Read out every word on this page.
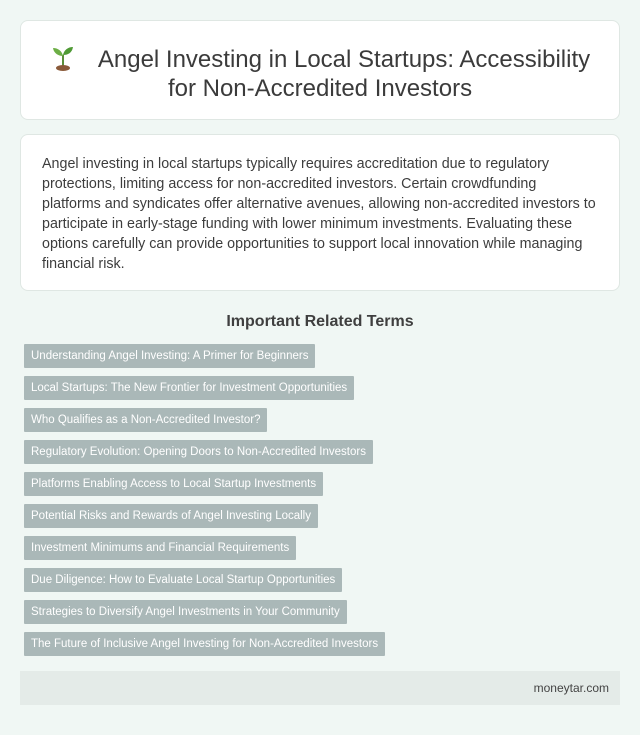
Angel Investing in Local Startups: Accessibility for Non-Accredited Investors

Angel investing in local startups typically requires accreditation due to regulatory protections, limiting access for non-accredited investors. Certain crowdfunding platforms and syndicates offer alternative avenues, allowing non-accredited investors to participate in early-stage funding with lower minimum investments. Evaluating these options carefully can provide opportunities to support local innovation while managing financial risk.

Important Related Terms
Understanding Angel Investing: A Primer for Beginners
Local Startups: The New Frontier for Investment Opportunities
Who Qualifies as a Non-Accredited Investor?
Regulatory Evolution: Opening Doors to Non-Accredited Investors
Platforms Enabling Access to Local Startup Investments
Potential Risks and Rewards of Angel Investing Locally
Investment Minimums and Financial Requirements
Due Diligence: How to Evaluate Local Startup Opportunities
Strategies to Diversify Angel Investments in Your Community
The Future of Inclusive Angel Investing for Non-Accredited Investors
moneytar.com
